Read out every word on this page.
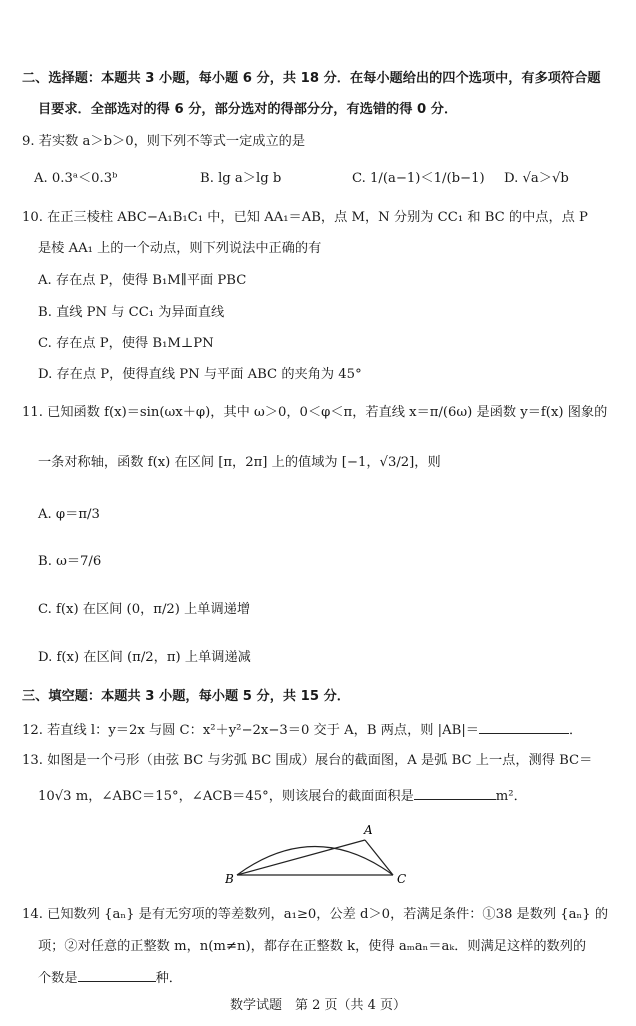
二、选择题：本题共 3 小题，每小题 6 分，共 18 分．在每小题给出的四个选项中，有多项符合题
目要求．全部选对的得 6 分，部分选对的得部分分，有选错的得 0 分．
9. 若实数 a＞b＞0，则下列不等式一定成立的是
A. 0.3ᵃ＜0.3ᵇ	B. lg a＞lg b	C. 1/(a−1)＜1/(b−1) D. √a＞√b
10. 在正三棱柱 ABC−A₁B₁C₁ 中，已知 AA₁＝AB，点 M，N 分别为 CC₁ 和 BC 的中点，点 P
是棱 AA₁ 上的一个动点，则下列说法中正确的有
A. 存在点 P，使得 B₁M∥平面 PBC
B. 直线 PN 与 CC₁ 为异面直线
C. 存在点 P，使得 B₁M⊥PN
D. 存在点 P，使得直线 PN 与平面 ABC 的夹角为 45°
11. 已知函数 f(x)＝sin(ωx＋φ)，其中 ω＞0，0＜φ＜π，若直线 x＝π/(6ω) 是函数 y＝f(x) 图象的
一条对称轴，函数 f(x) 在区间 [π，2π] 上的值域为 [−1，√3/2]，则
A. φ＝π/3
B. ω＝7/6
C. f(x) 在区间 (0，π/2) 上单调递增
D. f(x) 在区间 (π/2，π) 上单调递减
三、填空题：本题共 3 小题，每小题 5 分，共 15 分．
12. 若直线 l：y＝2x 与圆 C：x²＋y²−2x−3＝0 交于 A，B 两点，则 |AB|＝	．
13. 如图是一个弓形（由弦 BC 与劣弧 BC 围成）展台的截面图，A 是弧 BC 上一点，测得 BC＝
10√3 m，∠ABC＝15°，∠ACB＝45°，则该展台的截面面积是	m²．
A
B	C
14. 已知数列 {aₙ} 是有无穷项的等差数列，a₁≥0，公差 d＞0，若满足条件：①38 是数列 {aₙ} 的
项；②对任意的正整数 m，n(m≠n)，都存在正整数 k，使得 aₘaₙ＝aₖ．则满足这样的数列的
个数是	种．
数学试题　第 2 页（共 4 页）
